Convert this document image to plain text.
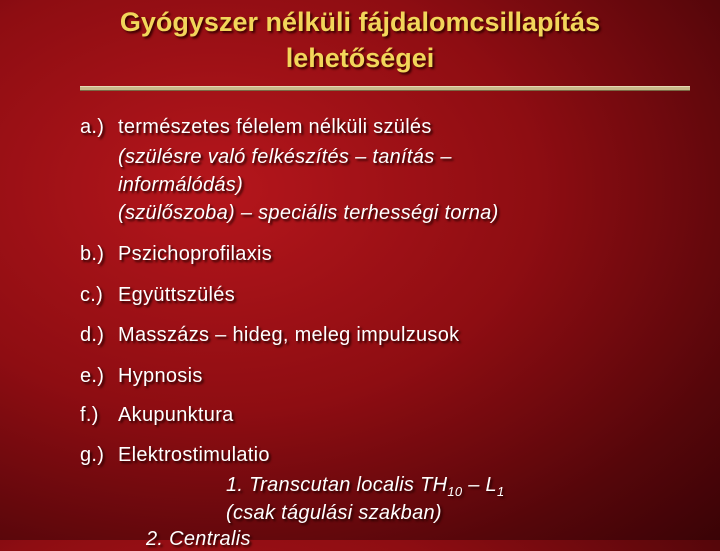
Gyógyszer nélküli fájdalomcsillapítás
lehetőségei
a.) természetes félelem nélküli szülés
(szülésre való felkészítés – tanítás –
informálódás)
(szülőszoba) – speciális terhességi torna)
b.) Pszichoprofilaxis
c.) Együttszülés
d.) Masszázs – hideg, meleg impulzusok
e.) Hypnosis
f.) Akupunktura
g.) Elektrostimulatio
1. Transcutan localis $TH_{10} - L_1$
(csak tágulási szakban)
2. Centralis
